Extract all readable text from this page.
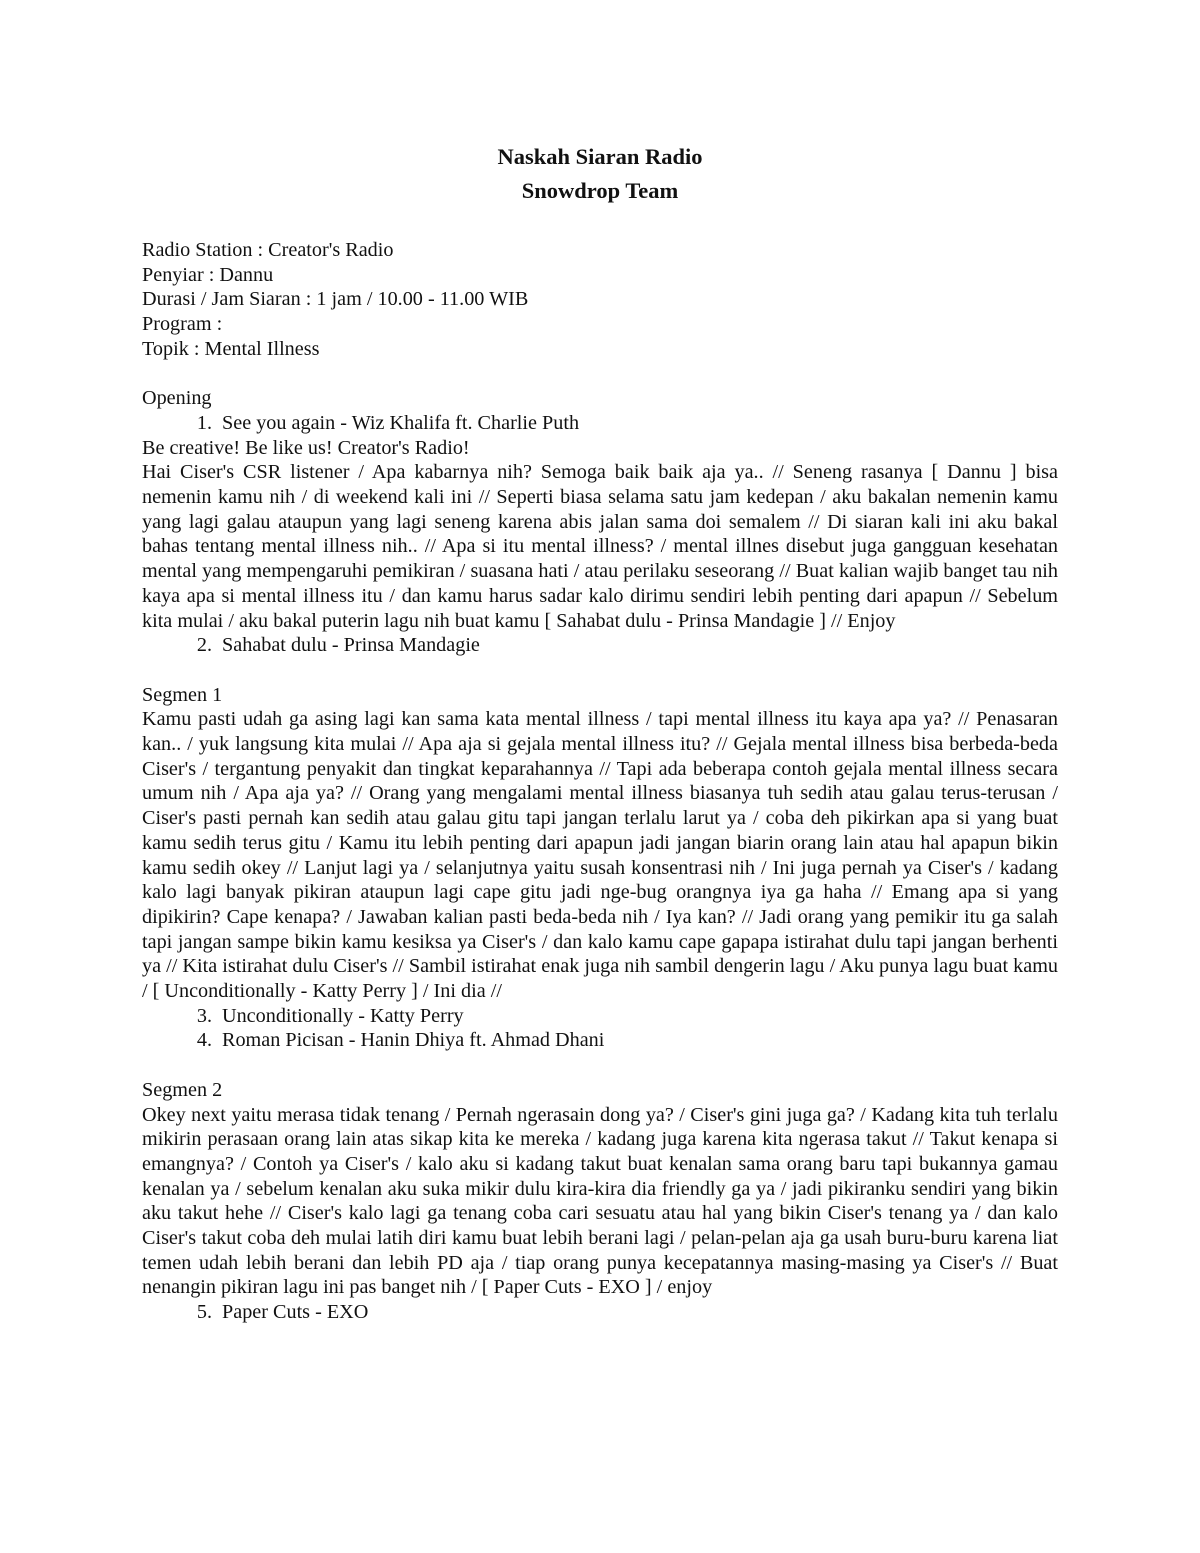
Naskah Siaran Radio
Snowdrop Team
Radio Station : Creator's Radio
Penyiar : Dannu
Durasi / Jam Siaran : 1 jam / 10.00 - 11.00 WIB
Program :
Topik : Mental Illness
Opening
1. See you again - Wiz Khalifa ft. Charlie Puth
Be creative! Be like us! Creator's Radio!
Hai Ciser's CSR listener / Apa kabarnya nih? Semoga baik baik aja ya.. // Seneng rasanya [ Dannu ] bisa nemenin kamu nih / di weekend kali ini // Seperti biasa selama satu jam kedepan / aku bakalan nemenin kamu yang lagi galau ataupun yang lagi seneng karena abis jalan sama doi semalem // Di siaran kali ini aku bakal bahas tentang mental illness nih.. // Apa si itu mental illness? / mental illnes disebut juga gangguan kesehatan mental yang mempengaruhi pemikiran / suasana hati / atau perilaku seseorang // Buat kalian wajib banget tau nih kaya apa si mental illness itu / dan kamu harus sadar kalo dirimu sendiri lebih penting dari apapun // Sebelum kita mulai / aku bakal puterin lagu nih buat kamu [ Sahabat dulu - Prinsa Mandagie ] // Enjoy
2. Sahabat dulu - Prinsa Mandagie
Segmen 1
Kamu pasti udah ga asing lagi kan sama kata mental illness / tapi mental illness itu kaya apa ya? // Penasaran kan.. / yuk langsung kita mulai // Apa aja si gejala mental illness itu? // Gejala mental illness bisa berbeda-beda Ciser's / tergantung penyakit dan tingkat keparahannya // Tapi ada beberapa contoh gejala mental illness secara umum nih / Apa aja ya? // Orang yang mengalami mental illness biasanya tuh sedih atau galau terus-terusan / Ciser's pasti pernah kan sedih atau galau gitu tapi jangan terlalu larut ya / coba deh pikirkan apa si yang buat kamu sedih terus gitu / Kamu itu lebih penting dari apapun jadi jangan biarin orang lain atau hal apapun bikin kamu sedih okey // Lanjut lagi ya / selanjutnya yaitu susah konsentrasi nih / Ini juga pernah ya Ciser's / kadang kalo lagi banyak pikiran ataupun lagi cape gitu jadi nge-bug orangnya iya ga haha // Emang apa si yang dipikirin? Cape kenapa? / Jawaban kalian pasti beda-beda nih / Iya kan? // Jadi orang yang pemikir itu ga salah tapi jangan sampe bikin kamu kesiksa ya Ciser's / dan kalo kamu cape gapapa istirahat dulu tapi jangan berhenti ya // Kita istirahat dulu Ciser's // Sambil istirahat enak juga nih sambil dengerin lagu / Aku punya lagu buat kamu / [ Unconditionally - Katty Perry ] / Ini dia //
3. Unconditionally - Katty Perry
4. Roman Picisan - Hanin Dhiya ft. Ahmad Dhani
Segmen 2
Okey next yaitu merasa tidak tenang / Pernah ngerasain dong ya? / Ciser's gini juga ga? / Kadang kita tuh terlalu mikirin perasaan orang lain atas sikap kita ke mereka / kadang juga karena kita ngerasa takut // Takut kenapa si emangnya? / Contoh ya Ciser's / kalo aku si kadang takut buat kenalan sama orang baru tapi bukannya gamau kenalan ya / sebelum kenalan aku suka mikir dulu kira-kira dia friendly ga ya / jadi pikiranku sendiri yang bikin aku takut hehe // Ciser's kalo lagi ga tenang coba cari sesuatu atau hal yang bikin Ciser's tenang ya / dan kalo Ciser's takut coba deh mulai latih diri kamu buat lebih berani lagi / pelan-pelan aja ga usah buru-buru karena liat temen udah lebih berani dan lebih PD aja / tiap orang punya kecepatannya masing-masing ya Ciser's // Buat nenangin pikiran lagu ini pas banget nih / [ Paper Cuts - EXO ] / enjoy
5. Paper Cuts - EXO
